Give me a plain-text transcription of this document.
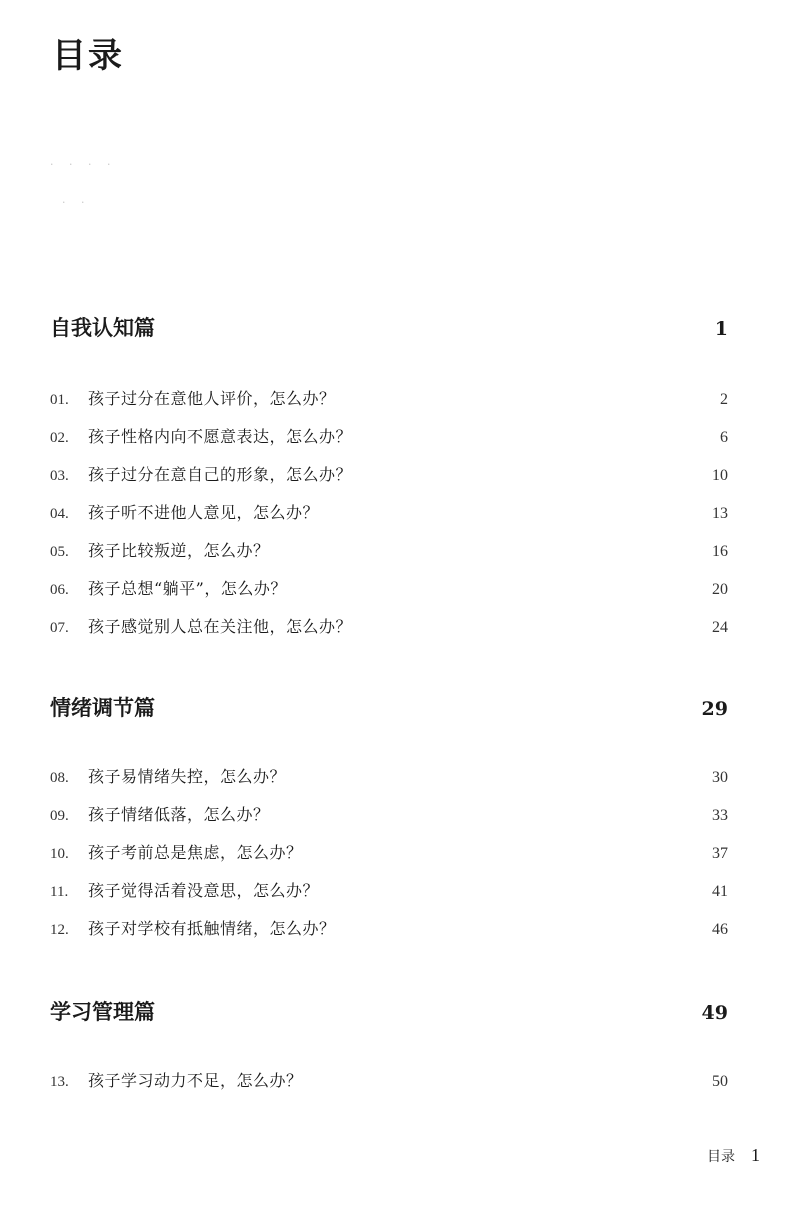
目录
· · · ·
· ·
自我认知篇	1
01.	孩子过分在意他人评价，怎么办？	2
02.	孩子性格内向不愿意表达，怎么办？	6
03.	孩子过分在意自己的形象，怎么办？	10
04.	孩子听不进他人意见，怎么办？	13
05.	孩子比较叛逆，怎么办？	16
06.	孩子总想“躺平”，怎么办？	20
07.	孩子感觉别人总在关注他，怎么办？	24
情绪调节篇	29
08.	孩子易情绪失控，怎么办？	30
09.	孩子情绪低落，怎么办？	33
10.	孩子考前总是焦虑，怎么办？	37
11.	孩子觉得活着没意思，怎么办？	41
12.	孩子对学校有抵触情绪，怎么办？	46
学习管理篇	49
13.	孩子学习动力不足，怎么办？	50
目录 1
